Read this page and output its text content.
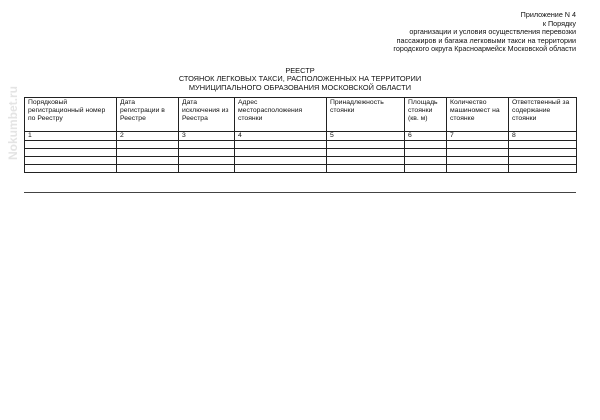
Nokumbet.ru
Приложение N 4
к Порядку
организации и условия осуществления перевозки
пассажиров и багажа легковыми такси на территории
городского округа Красноармейск Московской области
РЕЕСТР
СТОЯНОК ЛЕГКОВЫХ ТАКСИ, РАСПОЛОЖЕННЫХ НА ТЕРРИТОРИИ
МУНИЦИПАЛЬНОГО ОБРАЗОВАНИЯ МОСКОВСКОЙ ОБЛАСТИ
Порядковый регистрационный номер по Реестру	Дата регистрации в Реестре	Дата исключения из Реестра	Адрес месторасположения стоянки	Принадлежность стоянки	Площадь стоянки (кв. м)	Количество машиномест на стоянке	Ответственный за содержание стоянки
1	2	3	4	5	6	7	8
